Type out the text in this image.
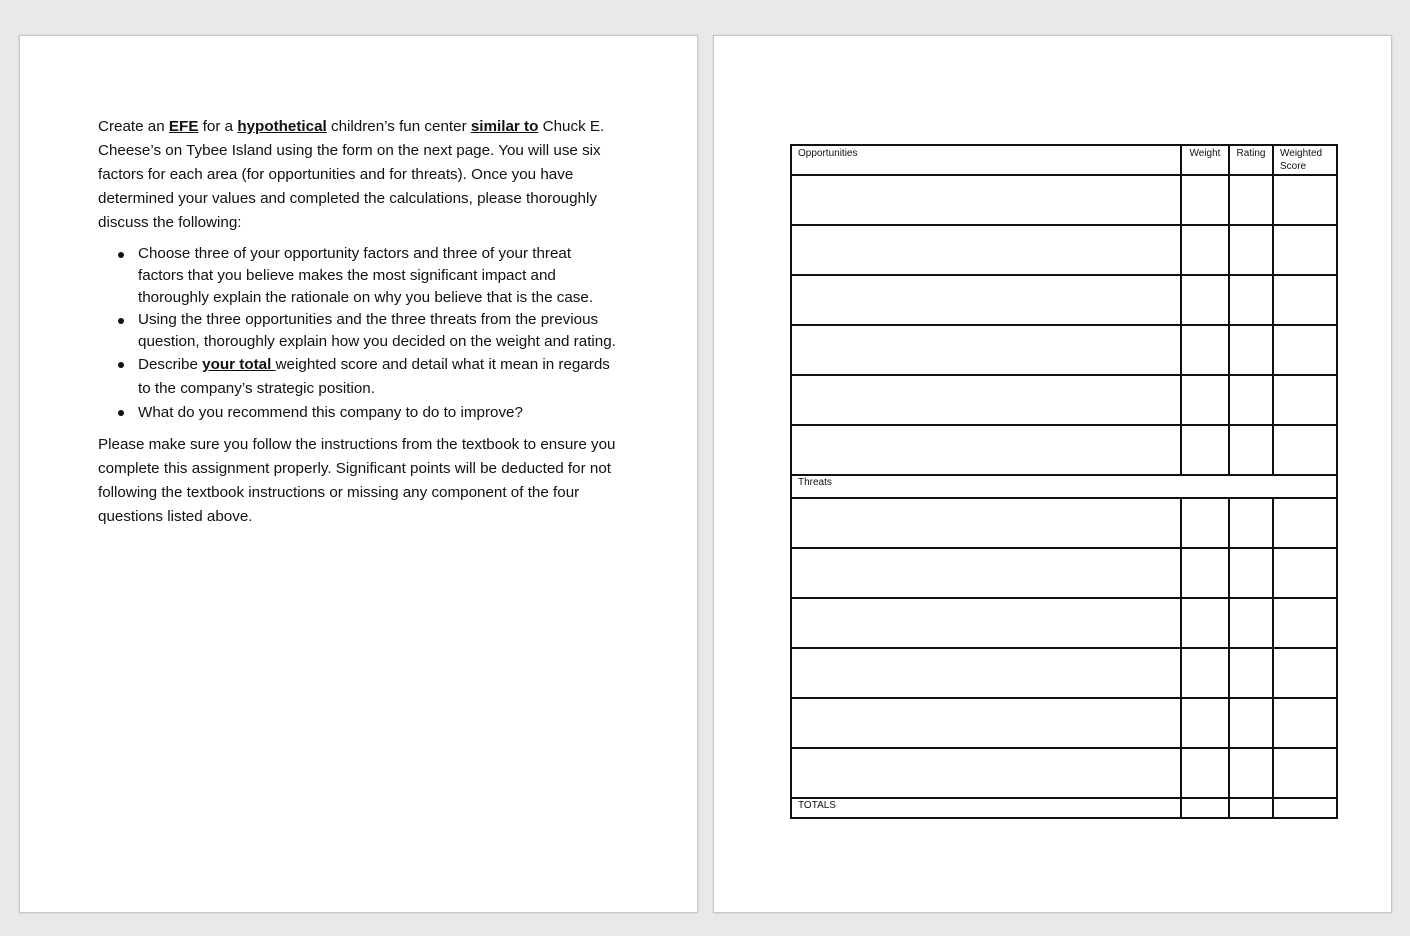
Create an EFE for a hypothetical children’s fun center similar to Chuck E. Cheese’s on Tybee Island using the form on the next page. You will use six factors for each area (for opportunities and for threats). Once you have determined your values and completed the calculations, please thoroughly discuss the following:

Choose three of your opportunity factors and three of your threat factors that you believe makes the most significant impact and thoroughly explain the rationale on why you believe that is the case.
Using the three opportunities and the three threats from the previous question, thoroughly explain how you decided on the weight and rating.
Describe your total weighted score and detail what it mean in regards to the company’s strategic position.
What do you recommend this company to do to improve?

Please make sure you follow the instructions from the textbook to ensure you complete this assignment properly. Significant points will be deducted for not following the textbook instructions or missing any component of the four questions listed above.

Opportunities	Weight	Rating	Weighted Score

Threats			

TOTALS			
